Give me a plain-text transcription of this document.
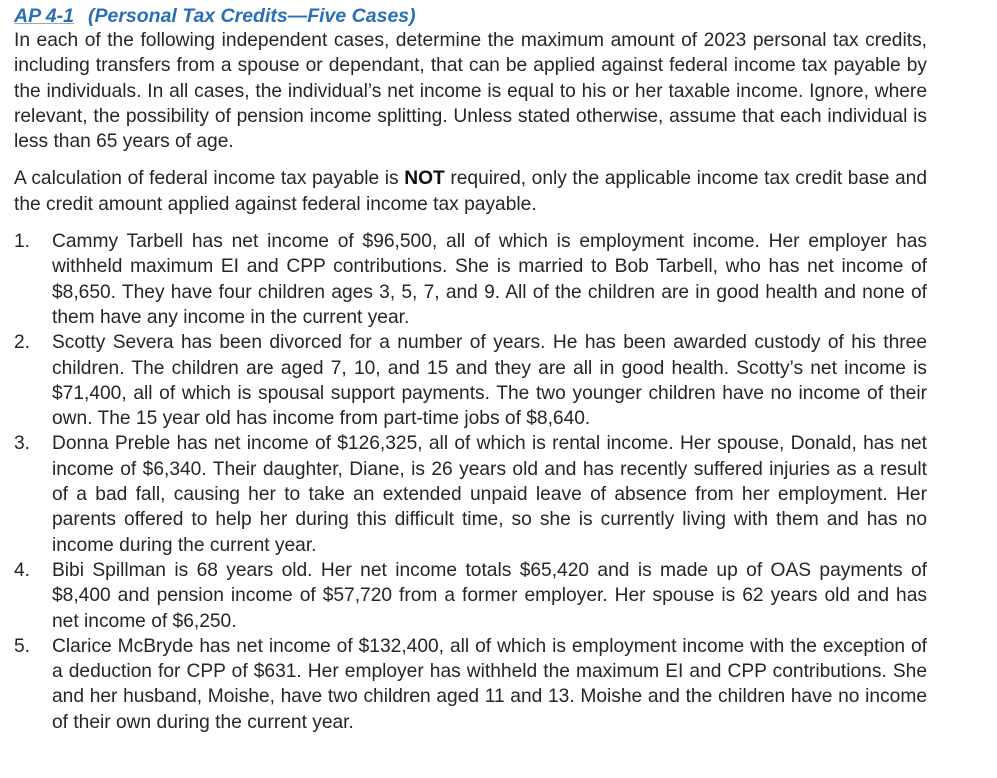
AP 4-1 (Personal Tax Credits—Five Cases)

In each of the following independent cases, determine the maximum amount of 2023 personal tax credits, including transfers from a spouse or dependant, that can be applied against federal income tax payable by the individuals. In all cases, the individual’s net income is equal to his or her taxable income. Ignore, where relevant, the possibility of pension income splitting. Unless stated otherwise, assume that each individual is less than 65 years of age.

A calculation of federal income tax payable is NOT required, only the applicable income tax credit base and the credit amount applied against federal income tax payable.

1.	Cammy Tarbell has net income of $96,500, all of which is employment income. Her employer has withheld maximum EI and CPP contributions. She is married to Bob Tarbell, who has net income of $8,650. They have four children ages 3, 5, 7, and 9. All of the children are in good health and none of them have any income in the current year.
2.	Scotty Severa has been divorced for a number of years. He has been awarded custody of his three children. The children are aged 7, 10, and 15 and they are all in good health. Scotty’s net income is $71,400, all of which is spousal support payments. The two younger children have no income of their own. The 15 year old has income from part-time jobs of $8,640.
3.	Donna Preble has net income of $126,325, all of which is rental income. Her spouse, Donald, has net income of $6,340. Their daughter, Diane, is 26 years old and has recently suffered injuries as a result of a bad fall, causing her to take an extended unpaid leave of absence from her employment. Her parents offered to help her during this difficult time, so she is currently living with them and has no income during the current year.
4.	Bibi Spillman is 68 years old. Her net income totals $65,420 and is made up of OAS payments of $8,400 and pension income of $57,720 from a former employer. Her spouse is 62 years old and has net income of $6,250.
5.	Clarice McBryde has net income of $132,400, all of which is employment income with the exception of a deduction for CPP of $631. Her employer has withheld the maximum EI and CPP contributions. She and her husband, Moishe, have two children aged 11 and 13. Moishe and the children have no income of their own during the current year.
